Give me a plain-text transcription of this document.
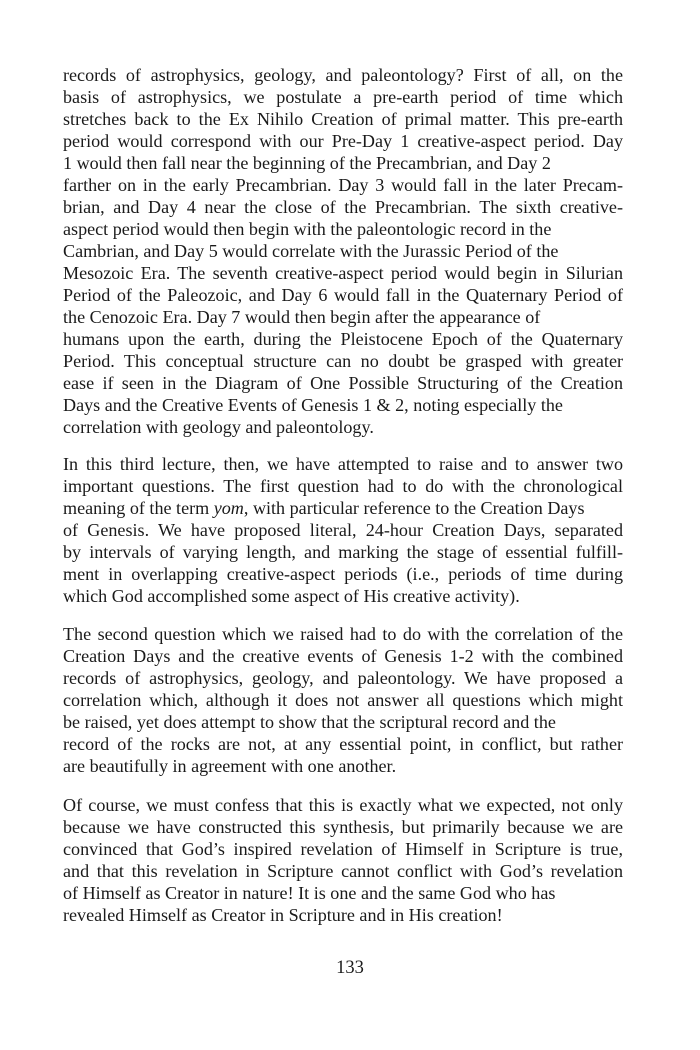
records of astrophysics, geology, and paleontology? First of all, on the
basis of astrophysics, we postulate a pre-earth period of time which
stretches back to the Ex Nihilo Creation of primal matter. This pre-earth
period would correspond with our Pre-Day 1 creative-aspect period. Day
1 would then fall near the beginning of the Precambrian, and Day 2
farther on in the early Precambrian. Day 3 would fall in the later Precam-
brian, and Day 4 near the close of the Precambrian. The sixth creative-
aspect period would then begin with the paleontologic record in the
Cambrian, and Day 5 would correlate with the Jurassic Period of the
Mesozoic Era. The seventh creative-aspect period would begin in Silurian
Period of the Paleozoic, and Day 6 would fall in the Quaternary Period of
the Cenozoic Era. Day 7 would then begin after the appearance of
humans upon the earth, during the Pleistocene Epoch of the Quaternary
Period. This conceptual structure can no doubt be grasped with greater
ease if seen in the Diagram of One Possible Structuring of the Creation
Days and the Creative Events of Genesis 1 & 2, noting especially the
correlation with geology and paleontology.
In this third lecture, then, we have attempted to raise and to answer two
important questions. The first question had to do with the chronological
meaning of the term yom, with particular reference to the Creation Days
of Genesis. We have proposed literal, 24-hour Creation Days, separated
by intervals of varying length, and marking the stage of essential fulfill-
ment in overlapping creative-aspect periods (i.e., periods of time during
which God accomplished some aspect of His creative activity).
The second question which we raised had to do with the correlation of the
Creation Days and the creative events of Genesis 1-2 with the combined
records of astrophysics, geology, and paleontology. We have proposed a
correlation which, although it does not answer all questions which might
be raised, yet does attempt to show that the scriptural record and the
record of the rocks are not, at any essential point, in conflict, but rather
are beautifully in agreement with one another.
Of course, we must confess that this is exactly what we expected, not only
because we have constructed this synthesis, but primarily because we are
convinced that God’s inspired revelation of Himself in Scripture is true,
and that this revelation in Scripture cannot conflict with God’s revelation
of Himself as Creator in nature! It is one and the same God who has
revealed Himself as Creator in Scripture and in His creation!
133
